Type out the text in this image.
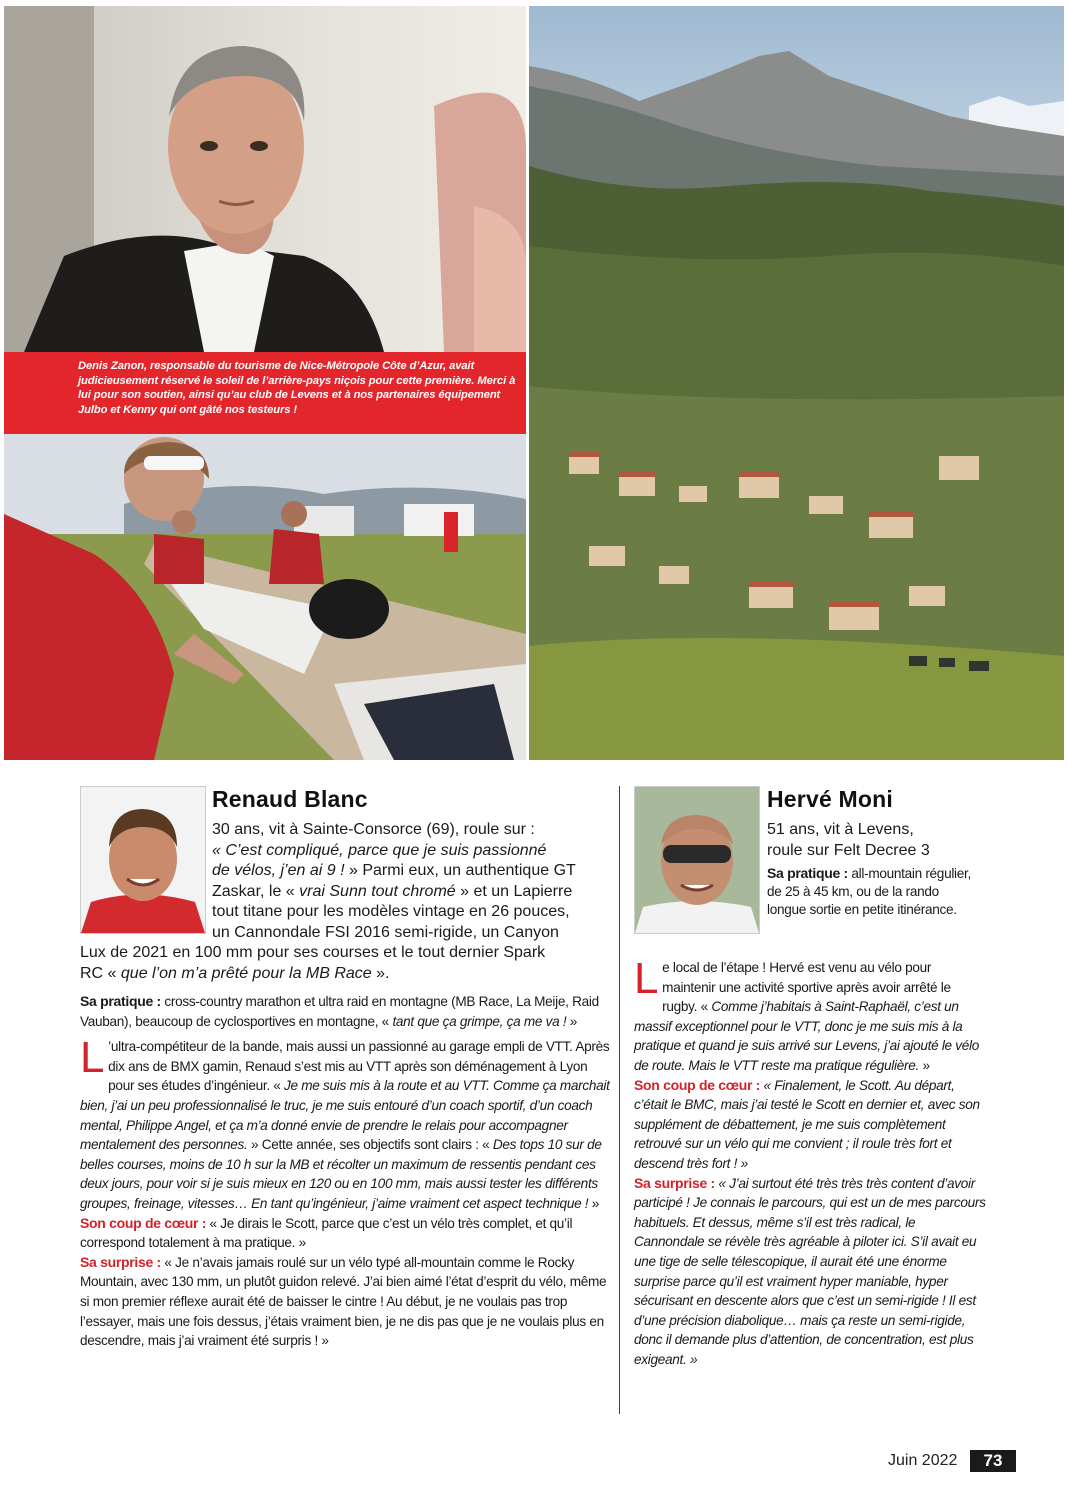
Denis Zanon, responsable du tourisme de Nice-Métropole Côte d’Azur, avait judicieusement réservé le soleil de l’arrière-pays niçois pour cette première. Merci à lui pour son soutien, ainsi qu’au club de Levens et à nos partenaires équipement Julbo et Kenny qui ont gâté nos testeurs !
Renaud Blanc
30 ans, vit à Sainte-Consorce (69), roule sur :
« C’est compliqué, parce que je suis passionné
de vélos, j’en ai 9 ! » Parmi eux, un authentique GT
Zaskar, le « vrai Sunn tout chromé » et un Lapierre
tout titane pour les modèles vintage en 26 pouces,
un Cannondale FSI 2016 semi-rigide, un Canyon
Lux de 2021 en 100 mm pour ses courses et le tout dernier Spark
RC « que l’on m’a prêté pour la MB Race ».

Sa pratique : cross-country marathon et ultra raid en montagne (MB Race, La Meije, Raid Vauban), beaucoup de cyclosportives en montagne, « tant que ça grimpe, ça me va ! »

L ’ultra-compétiteur de la bande, mais aussi un passionné au garage empli de VTT. Après dix ans de BMX gamin, Renaud s’est mis au VTT après son déménagement à Lyon pour ses études d’ingénieur. « Je me suis mis à la route et au VTT. Comme ça marchait bien, j’ai un peu professionnalisé le truc, je me suis entouré d’un coach sportif, d’un coach mental, Philippe Angel, et ça m’a donné envie de prendre le relais pour accompagner mentalement des personnes. » Cette année, ses objectifs sont clairs : « Des tops 10 sur de belles courses, moins de 10 h sur la MB et récolter un maximum de ressentis pendant ces deux jours, pour voir si je suis mieux en 120 ou en 100 mm, mais aussi tester les différents groupes, freinage, vitesses… En tant qu’ingénieur, j’aime vraiment cet aspect technique ! »

Son coup de cœur : « Je dirais le Scott, parce que c’est un vélo très complet, et qu’il correspond totalement à ma pratique. »

Sa surprise : « Je n’avais jamais roulé sur un vélo typé all-mountain comme le Rocky Mountain, avec 130 mm, un plutôt guidon relevé. J’ai bien aimé l’état d’esprit du vélo, même si mon premier réflexe aurait été de baisser le cintre ! Au début, je ne voulais pas trop l’essayer, mais une fois dessus, j’étais vraiment bien, je ne dis pas que je ne voulais plus en descendre, mais j’ai vraiment été surpris ! »

Hervé Moni
51 ans, vit à Levens,
roule sur Felt Decree 3

Sa pratique : all-mountain régulier, de 25 à 45 km, ou de la rando longue sortie en petite itinérance.

Le local de l’étape ! Hervé est venu au vélo pour maintenir une activité sportive après avoir arrêté le rugby. « Comme j’habitais à Saint-Raphaël, c’est un massif exceptionnel pour le VTT, donc je me suis mis à la pratique et quand je suis arrivé sur Levens, j’ai ajouté le vélo de route. Mais le VTT reste ma pratique régulière. »

Son coup de cœur : « Finalement, le Scott. Au départ, c’était le BMC, mais j’ai testé le Scott en dernier et, avec son supplément de débattement, je me suis complètement retrouvé sur un vélo qui me convient ; il roule très fort et descend très fort ! »

Sa surprise : « J’ai surtout été très très très content d’avoir participé ! Je connais le parcours, qui est un de mes parcours habituels. Et dessus, même s’il est très radical, le Cannondale se révèle très agréable à piloter ici. S’il avait eu une tige de selle télescopique, il aurait été une énorme surprise parce qu’il est vraiment hyper maniable, hyper sécurisant en descente alors que c’est un semi-rigide ! Il est d’une précision diabolique… mais ça reste un semi-rigide, donc il demande plus d’attention, de concentration, est plus exigeant. »

Juin 2022	73
